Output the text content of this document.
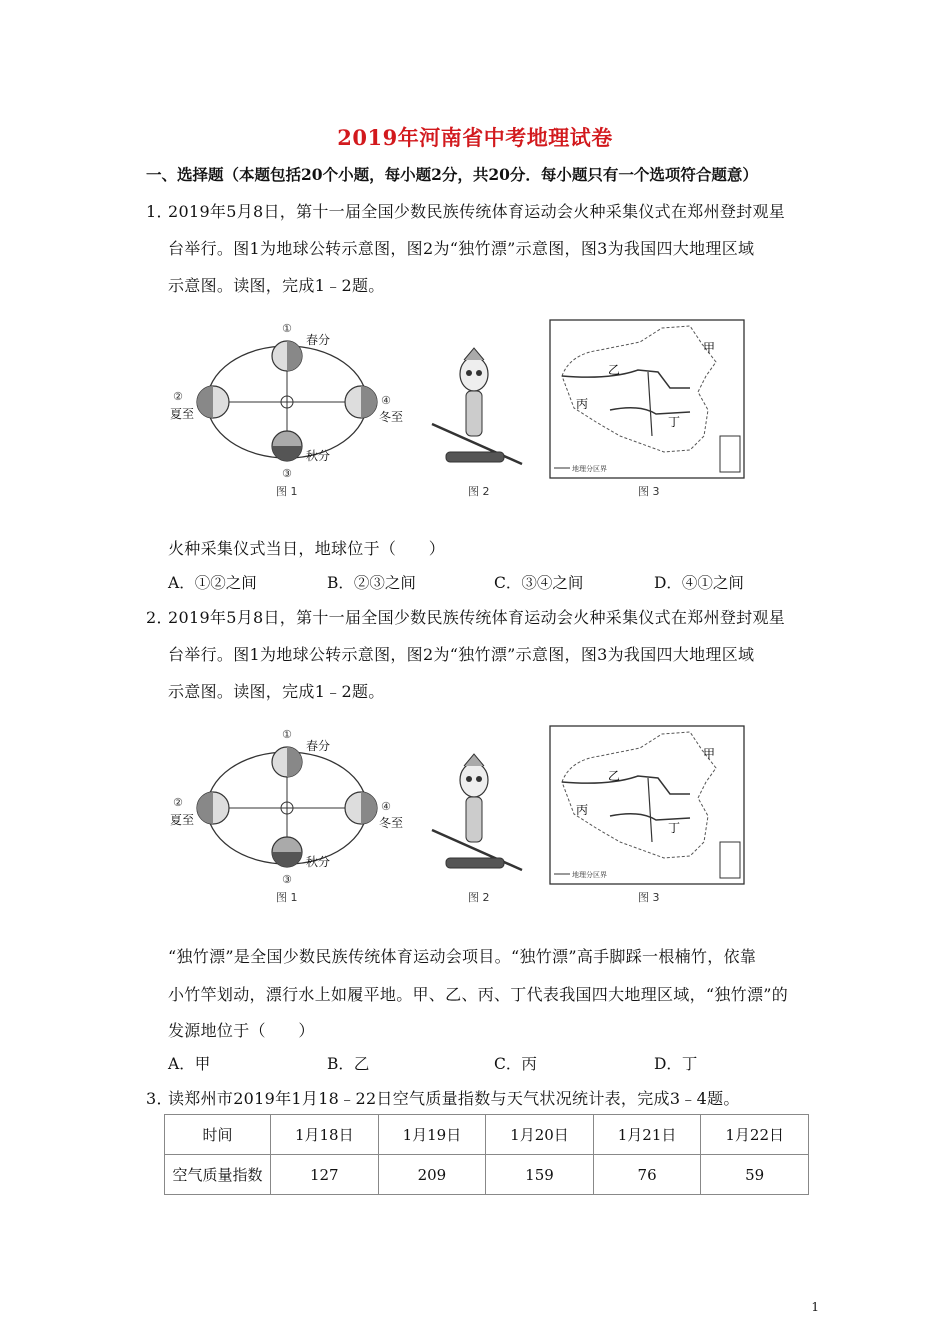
2019年河南省中考地理试卷
一、选择题（本题包括20个小题，每小题2分，共20分．每小题只有一个选项符合题意）
1．
2019年5月8日，第十一届全国少数民族传统体育运动会火种采集仪式在郑州登封观星
台举行。图1为地球公转示意图，图2为“独竹漂”示意图，图3为我国四大地理区域
示意图。读图，完成1﹣2题。
①
春分
②
夏至
④
冬至
秋分
③
图 1	图 2
甲
乙
丙
丁
地理分区界
图 3
火种采集仪式当日，地球位于（　　）
A．①②之间	B．②③之间	C．③④之间	D．④①之间
2．
2019年5月8日，第十一届全国少数民族传统体育运动会火种采集仪式在郑州登封观星
台举行。图1为地球公转示意图，图2为“独竹漂”示意图，图3为我国四大地理区域
示意图。读图，完成1﹣2题。
①
春分
②
夏至
④
冬至
秋分
③
图 1	图 2
甲
乙
丙
丁
地理分区界
图 3
“独竹漂”是全国少数民族传统体育运动会项目。“独竹漂”高手脚踩一根楠竹，依靠
小竹竿划动，漂行水上如履平地。甲、乙、丙、丁代表我国四大地理区域，“独竹漂”的
发源地位于（　　）
A．甲	B．乙	C．丙	D．丁
3．
读郑州市2019年1月18﹣22日空气质量指数与天气状况统计表，完成3﹣4题。
时间	1月18日	1月19日	1月20日	1月21日	1月22日
空气质量指数	127	209	159	76	59
1
